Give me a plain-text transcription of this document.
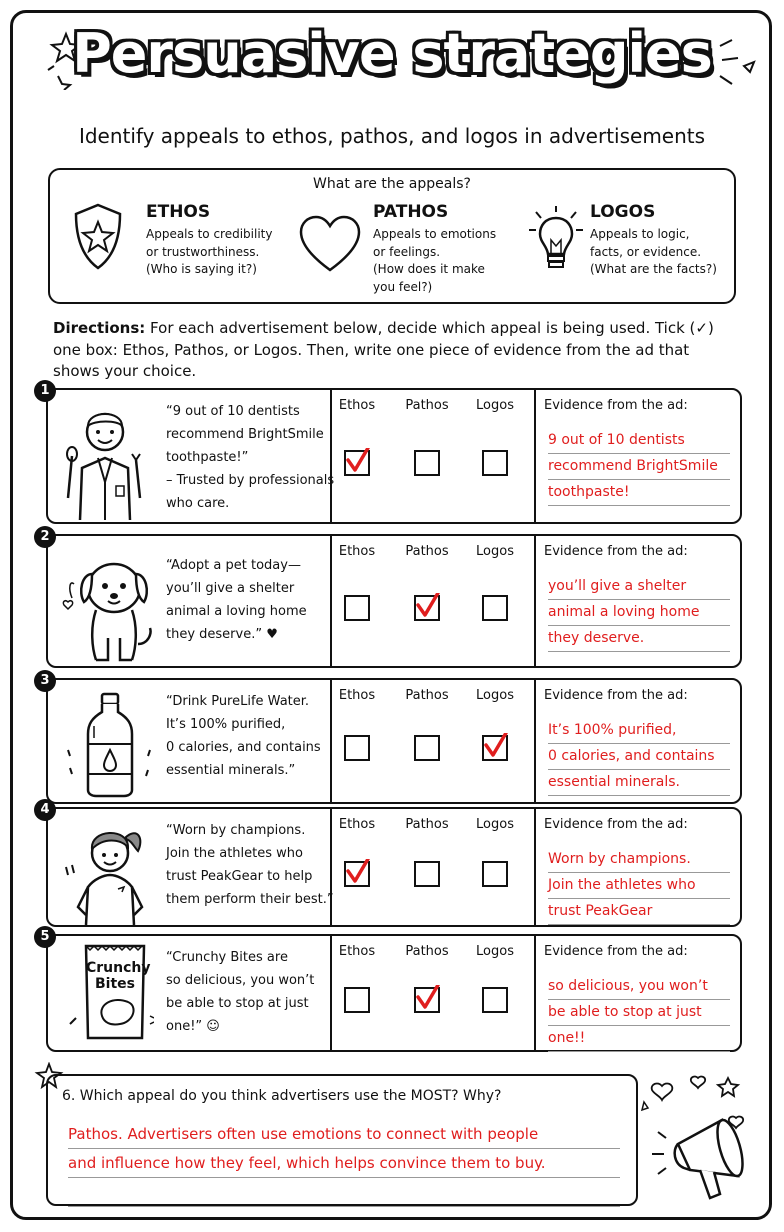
Persuasive strategies
Identify appeals to ethos, pathos, and logos in advertisements
What are the appeals?
ETHOS

Appeals to credibility
or trustworthiness.
(Who is saying it?)

PATHOS

Appeals to emotions
or feelings.
(How does it make
you feel?)

LOGOS

Appeals to logic,
facts, or evidence.
(What are the facts?)

Directions: For each advertisement below, decide which appeal is being used. Tick (✓) one box: Ethos, Pathos, or Logos. Then, write one piece of evidence from the ad that shows your choice.
“9 out of 10 dentists
recommend BrightSmile
toothpaste!”
– Trusted by professionals
who care.
Ethos	Pathos	Logos	Evidence from the ad:
9 out of 10 dentists
recommend BrightSmile
toothpaste!
1
“Adopt a pet today—
you’ll give a shelter
animal a loving home
they deserve.” ♥
Ethos	Pathos	Logos	Evidence from the ad:
you’ll give a shelter
animal a loving home
they deserve.
2
“Drink PureLife Water.
It’s 100% purified,
0 calories, and contains
essential minerals.”
Ethos	Pathos	Logos	Evidence from the ad:
It’s 100% purified,
0 calories, and contains
essential minerals.
3
“Worn by champions.
Join the athletes who
trust PeakGear to help
them perform their best.”
Ethos	Pathos	Logos	Evidence from the ad:
Worn by champions.
Join the athletes who
trust PeakGear
4
Crunchy
Bites
“Crunchy Bites are
so delicious, you won’t
be able to stop at just
one!” ☺
Ethos	Pathos	Logos	Evidence from the ad:
so delicious, you won’t
be able to stop at just
one!!
5
6. Which appeal do you think advertisers use the MOST? Why?
Pathos. Advertisers often use emotions to connect with people
and influence how they feel, which helps convince them to buy.
